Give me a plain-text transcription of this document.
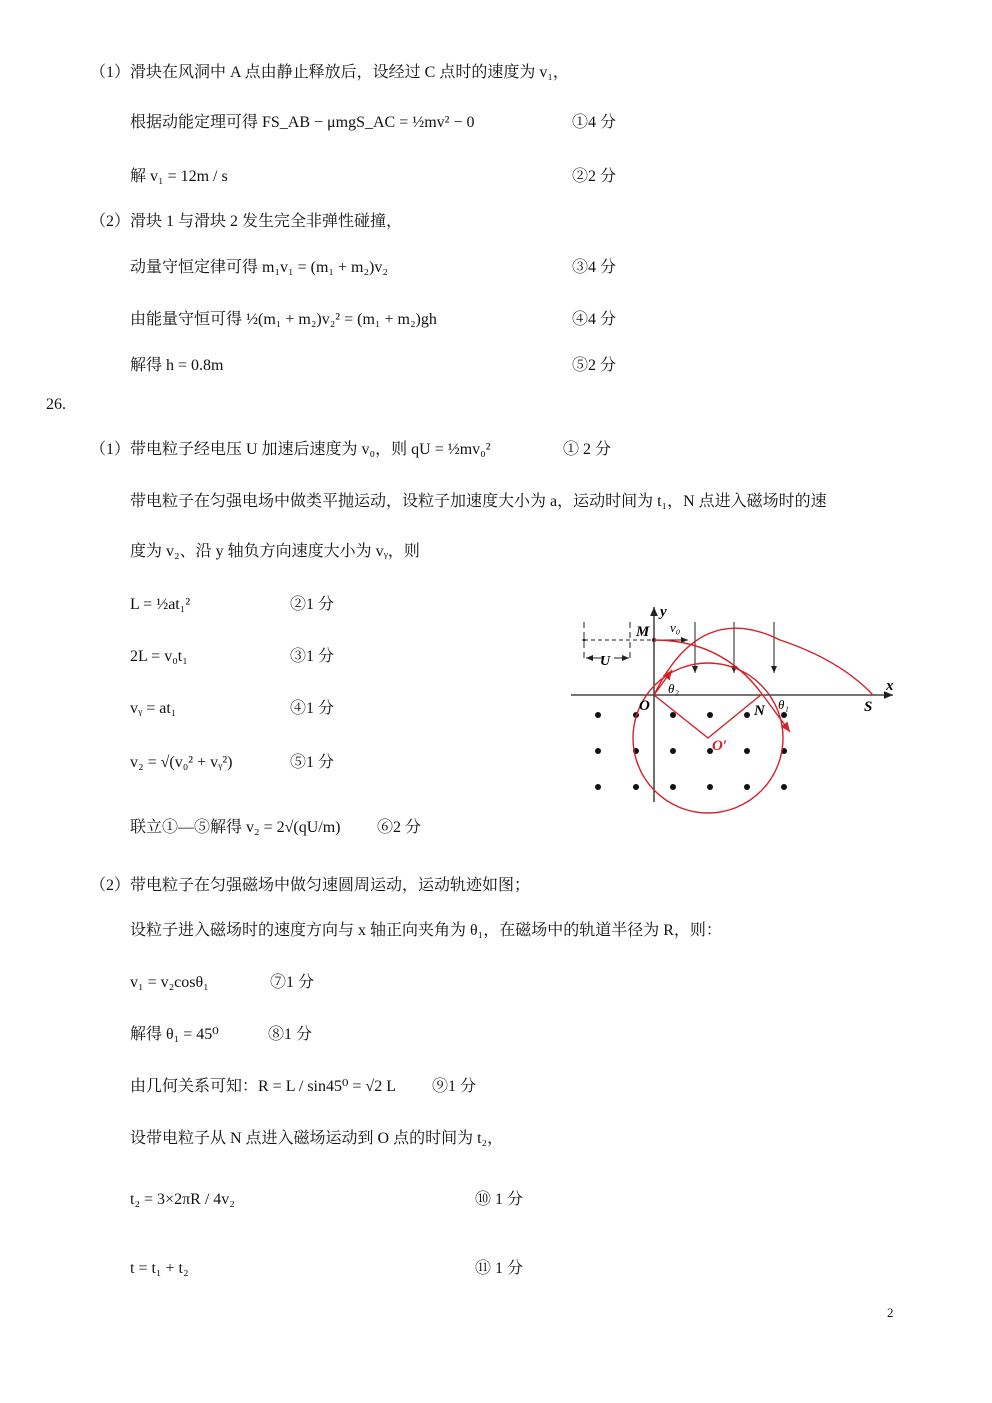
（1）滑块在风洞中 A 点由静止释放后，设经过 C 点时的速度为 v₁，
根据动能定理可得 FS_AB − μmgS_AC = ½mv² − 0	①4 分
解 v₁ = 12m / s	②2 分
（2）滑块 1 与滑块 2 发生完全非弹性碰撞，
动量守恒定律可得 m₁v₁ = (m₁ + m₂)v₂	③4 分
由能量守恒可得 ½(m₁ + m₂)v₂² = (m₁ + m₂)gh	④4 分
解得 h = 0.8m	⑤2 分
26.
（1）带电粒子经电压 U 加速后速度为 v₀，则 qU = ½mv₀²	① 2 分
带电粒子在匀强电场中做类平抛运动，设粒子加速度大小为 a，运动时间为 t₁，N 点进入磁场时的速
度为 v₂、沿 y 轴负方向速度大小为 vᵧ，则
L = ½at₁²	②1 分
2L = v₀t₁	③1 分
vᵧ = at₁	④1 分
v₂ = √(v₀² + vᵧ²)	⑤1 分
联立①—⑤解得 v₂ = 2√(qU/m) ⑥2 分
（2）带电粒子在匀强磁场中做匀速圆周运动，运动轨迹如图；
设粒子进入磁场时的速度方向与 x 轴正向夹角为 θ₁，在磁场中的轨道半径为 R，则：
v₁ = v₂cosθ₁	⑦1 分
解得 θ₁ = 45⁰	⑧1 分
由几何关系可知：R = L / sin45⁰ = √2 L ⑨1 分
设带电粒子从 N 点进入磁场运动到 O 点的时间为 t₂，
t₂ = 3×2πR / 4v₂	⑩ 1 分
t = t₁ + t₂	⑪ 1 分
y
x
M v₀
U
O
θ₂
N θ₁	S
O′
2
